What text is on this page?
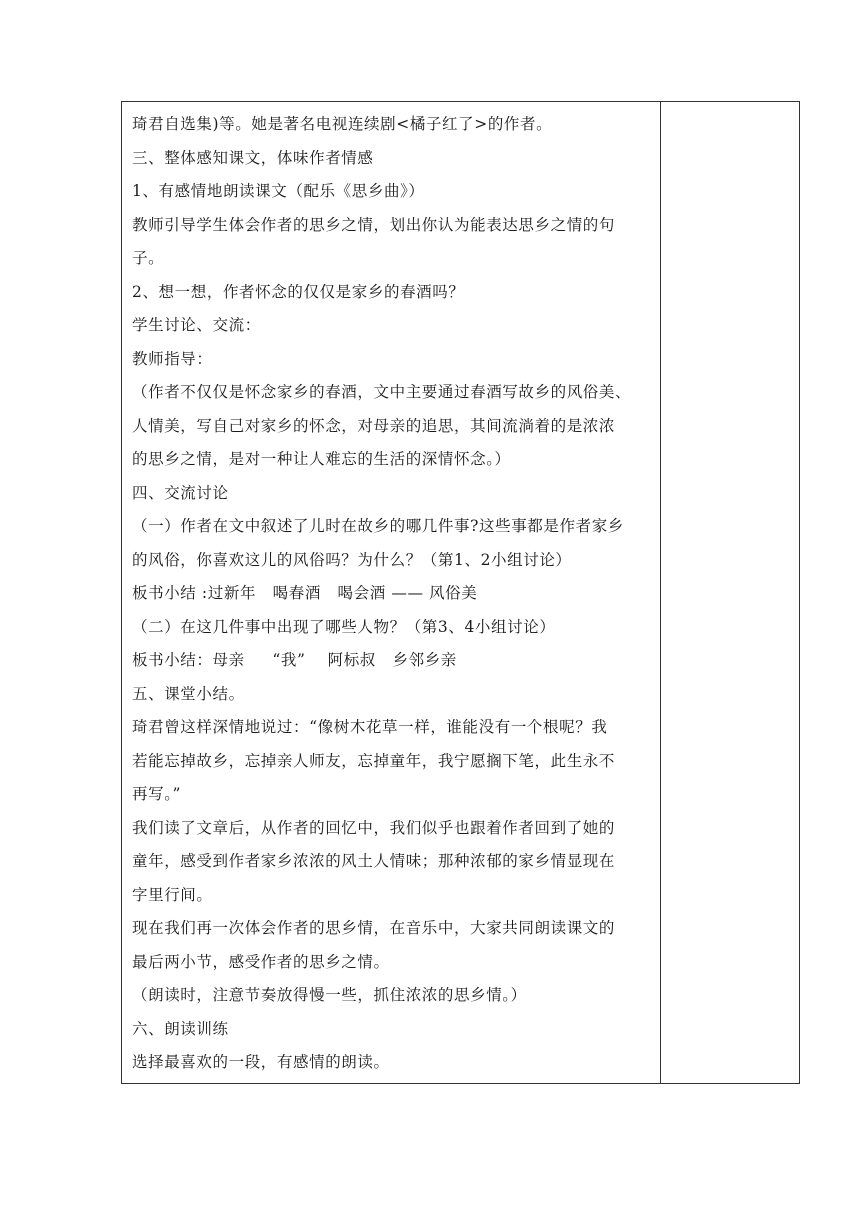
琦君自选集)等。她是著名电视连续剧<橘子红了>的作者。
三、整体感知课文，体味作者情感
1、有感情地朗读课文（配乐《思乡曲》）
教师引导学生体会作者的思乡之情，划出你认为能表达思乡之情的句
子。
2、想一想，作者怀念的仅仅是家乡的春酒吗？
学生讨论、交流：
教师指导：
（作者不仅仅是怀念家乡的春酒，文中主要通过春酒写故乡的风俗美、
人情美，写自己对家乡的怀念，对母亲的追思，其间流淌着的是浓浓
的思乡之情，是对一种让人难忘的生活的深情怀念。）
四、交流讨论
（一）作者在文中叙述了儿时在故乡的哪几件事?这些事都是作者家乡
的风俗，你喜欢这儿的风俗吗？为什么？（第1、2小组讨论）
板书小结 :过新年   喝春酒   喝会酒 —— 风俗美
（二）在这几件事中出现了哪些人物？（第3、4小组讨论）
板书小结：母亲     “我”    阿标叔   乡邻乡亲
五、课堂小结。
琦君曾这样深情地说过：“像树木花草一样，谁能没有一个根呢？我
若能忘掉故乡，忘掉亲人师友，忘掉童年，我宁愿搁下笔，此生永不
再写。”
我们读了文章后，从作者的回忆中，我们似乎也跟着作者回到了她的
童年，感受到作者家乡浓浓的风土人情味；那种浓郁的家乡情显现在
字里行间。
现在我们再一次体会作者的思乡情，在音乐中，大家共同朗读课文的
最后两小节，感受作者的思乡之情。
（朗读时，注意节奏放得慢一些，抓住浓浓的思乡情。）
六、朗读训练
选择最喜欢的一段，有感情的朗读。
